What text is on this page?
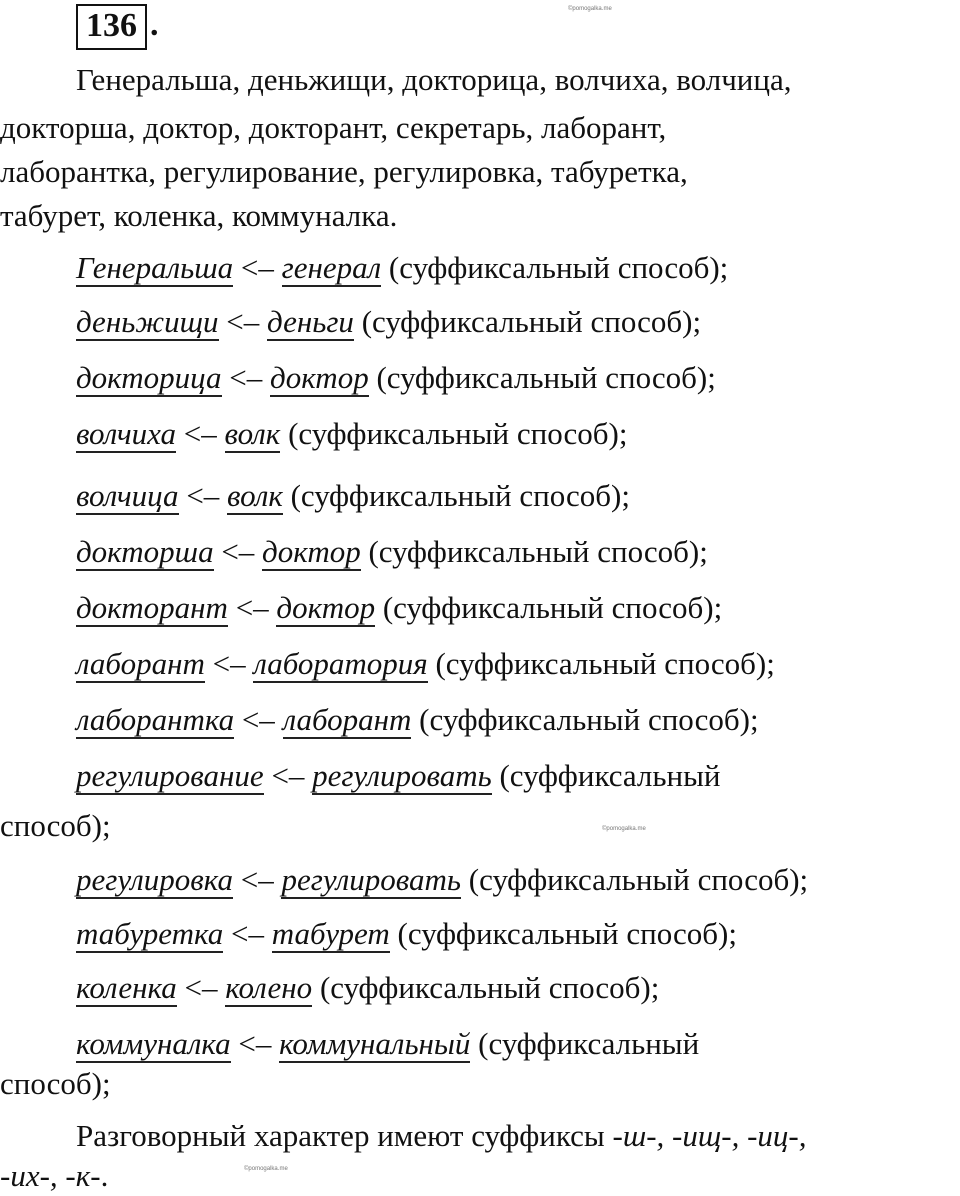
136 .	©pomogalka.me
Генеральша, деньжищи, докторица, волчиха, волчица,
докторша, доктор, докторант, секретарь, лаборант,
лаборантка, регулирование, регулировка, табуретка,
табурет, коленка, коммуналка.
Генеральша <– генерал (суффиксальный способ);
деньжищи <– деньги (суффиксальный способ);
докторица <– доктор (суффиксальный способ);
волчиха <– волк (суффиксальный способ);
волчица <– волк (суффиксальный способ);
докторша <– доктор (суффиксальный способ);
докторант <– доктор (суффиксальный способ);
лаборант <– лаборатория (суффиксальный способ);
лаборантка <– лаборант (суффиксальный способ);
регулирование <– регулировать (суффиксальный
регулировка <– регулировать (суффиксальный способ);
табуретка <– табурет (суффиксальный способ);
коленка <– колено (суффиксальный способ);
коммуналка <– коммунальный (суффиксальный
способ);	©pomogalka.me
способ);
Разговорный характер имеют суффиксы -ш-, -ищ-, -иц-,
-их-, -к-.	©pomogalka.me
